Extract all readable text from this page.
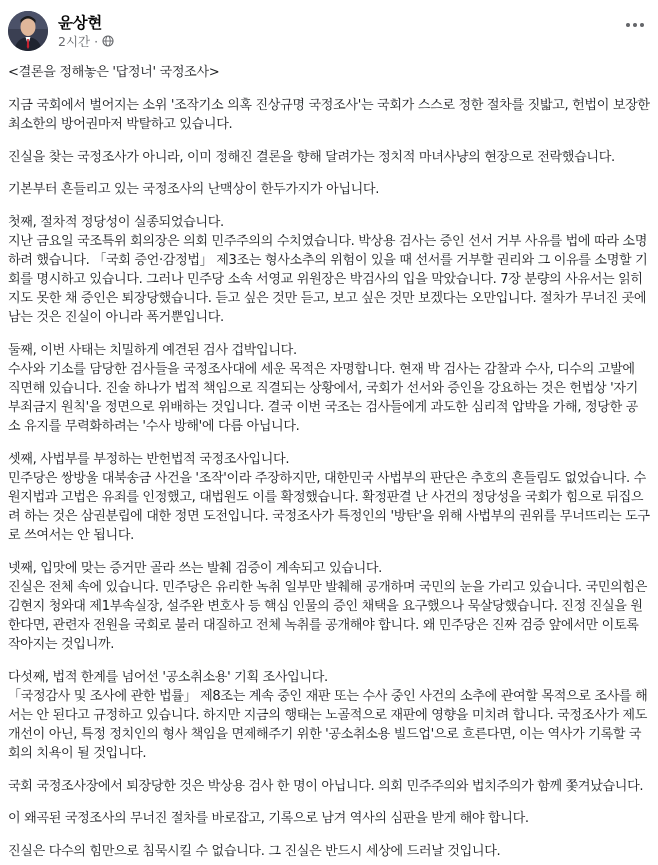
윤상현
2시간 ·

<결론을 정해놓은 '답정너' 국정조사>

지금 국회에서 벌어지는 소위 '조작기소 의혹 진상규명 국정조사'는 국회가 스스로 정한 절차를 짓밟고, 헌법이 보장한 최소한의 방어권마저 박탈하고 있습니다.

진실을 찾는 국정조사가 아니라, 이미 정해진 결론을 향해 달려가는 정치적 마녀사냥의 현장으로 전락했습니다.

기본부터 흔들리고 있는 국정조사의 난맥상이 한두가지가 아닙니다.

첫째, 절차적 정당성이 실종되었습니다.
지난 금요일 국조특위 회의장은 의회 민주주의의 수치였습니다. 박상용 검사는 증인 선서 거부 사유를 법에 따라 소명하려 했습니다. 「국회 증언·감정법」 제3조는 형사소추의 위험이 있을 때 선서를 거부할 권리와 그 이유를 소명할 기회를 명시하고 있습니다. 그러나 민주당 소속 서영교 위원장은 박검사의 입을 막았습니다. 7장 분량의 사유서는 읽히지도 못한 채 증인은 퇴장당했습니다. 듣고 싶은 것만 듣고, 보고 싶은 것만 보겠다는 오만입니다. 절차가 무너진 곳에 남는 것은 진실이 아니라 폭거뿐입니다.

둘째, 이번 사태는 치밀하게 예견된 검사 겁박입니다.
수사와 기소를 담당한 검사들을 국정조사대에 세운 목적은 자명합니다. 현재 박 검사는 감찰과 수사, 디수의 고발에 직면해 있습니다. 진술 하나가 법적 책임으로 직결되는 상황에서, 국회가 선서와 증인을 강요하는 것은 헌법상 '자기부죄금지 원칙'을 정면으로 위배하는 것입니다. 결국 이번 국조는 검사들에게 과도한 심리적 압박을 가해, 정당한 공소 유지를 무력화하려는 '수사 방해'에 다름 아닙니다.

셋째, 사법부를 부정하는 반헌법적 국정조사입니다.
민주당은 쌍방울 대북송금 사건을 '조작'이라 주장하지만, 대한민국 사법부의 판단은 추호의 흔들림도 없었습니다. 수원지법과 고법은 유죄를 인정했고, 대법원도 이를 확정했습니다. 확정판결 난 사건의 정당성을 국회가 힘으로 뒤집으려 하는 것은 삼권분립에 대한 정면 도전입니다. 국정조사가 특정인의 '방탄'을 위해 사법부의 권위를 무너뜨리는 도구로 쓰여서는 안 됩니다.

넷째, 입맛에 맞는 증거만 골라 쓰는 발췌 검증이 계속되고 있습니다.
진실은 전체 속에 있습니다. 민주당은 유리한 녹취 일부만 발췌해 공개하며 국민의 눈을 가리고 있습니다. 국민의힘은 김현지 청와대 제1부속실장, 설주완 변호사 등 핵심 인물의 증인 채택을 요구했으나 묵살당했습니다. 진정 진실을 원한다면, 관련자 전원을 국회로 불러 대질하고 전체 녹취를 공개해야 합니다. 왜 민주당은 진짜 검증 앞에서만 이토록 작아지는 것입니까.

다섯째, 법적 한계를 넘어선 '공소취소용' 기획 조사입니다.
「국정감사 및 조사에 관한 법률」 제8조는 계속 중인 재판 또는 수사 중인 사건의 소추에 관여할 목적으로 조사를 해서는 안 된다고 규정하고 있습니다. 하지만 지금의 행태는 노골적으로 재판에 영향을 미치려 합니다. 국정조사가 제도 개선이 아닌, 특정 정치인의 형사 책임을 면제해주기 위한 '공소취소용 빌드업'으로 흐른다면, 이는 역사가 기록할 국회의 치욕이 될 것입니다.

국회 국정조사장에서 퇴장당한 것은 박상용 검사 한 명이 아닙니다. 의회 민주주의와 법치주의가 함께 쫓겨났습니다.

이 왜곡된 국정조사의 무너진 절차를 바로잡고, 기록으로 남겨 역사의 심판을 받게 해야 합니다.

진실은 다수의 힘만으로 침묵시킬 수 없습니다. 그 진실은 반드시 세상에 드러날 것입니다.
